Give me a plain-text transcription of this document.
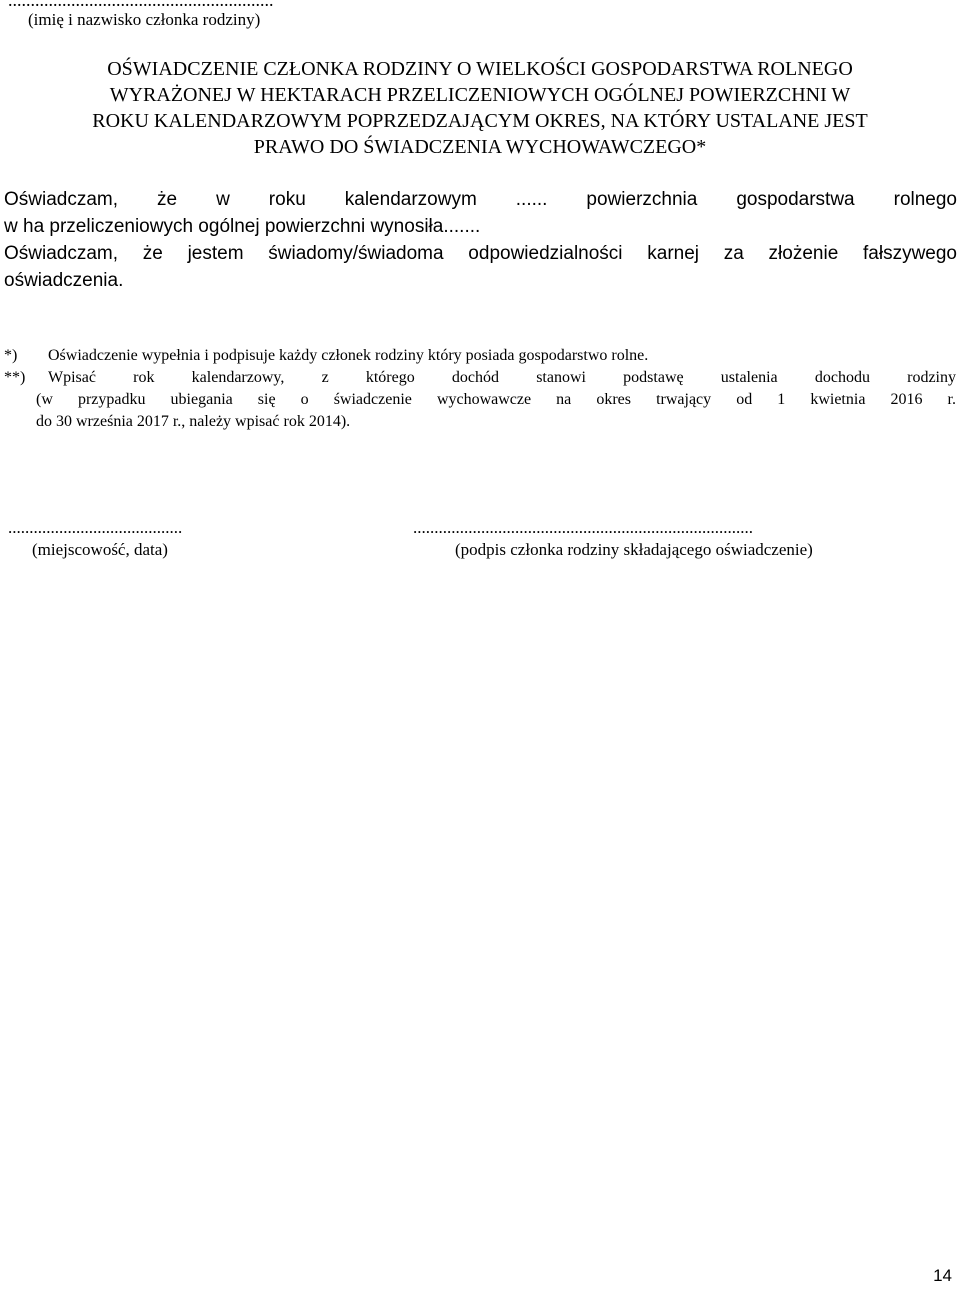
...........................................................
(imię i nazwisko członka rodziny)
OŚWIADCZENIE CZŁONKA RODZINY O WIELKOŚCI GOSPODARSTWA ROLNEGO
WYRAŻONEJ W HEKTARACH PRZELICZENIOWYCH OGÓLNEJ POWIERZCHNI W
ROKU KALENDARZOWYM POPRZEDZAJĄCYM OKRES, NA KTÓRY USTALANE JEST
PRAWO DO ŚWIADCZENIA WYCHOWAWCZEGO*
Oświadczam, że w roku kalendarzowym ...... powierzchnia gospodarstwa rolnego
w ha przeliczeniowych ogólnej powierzchni wynosiła.......
Oświadczam, że jestem świadomy/świadoma odpowiedzialności karnej za złożenie fałszywego
oświadczenia.
*)	Oświadczenie wypełnia i podpisuje każdy członek rodziny który posiada gospodarstwo rolne.
**)	Wpisać rok kalendarzowy, z którego dochód stanowi podstawę ustalenia dochodu rodziny
(w przypadku ubiegania się o świadczenie wychowawcze na okres trwający od 1 kwietnia 2016 r.
do 30 września 2017 r., należy wpisać rok 2014).
.........................................
(miejscowość, data)
................................................................................
(podpis członka rodziny składającego oświadczenie)
14
